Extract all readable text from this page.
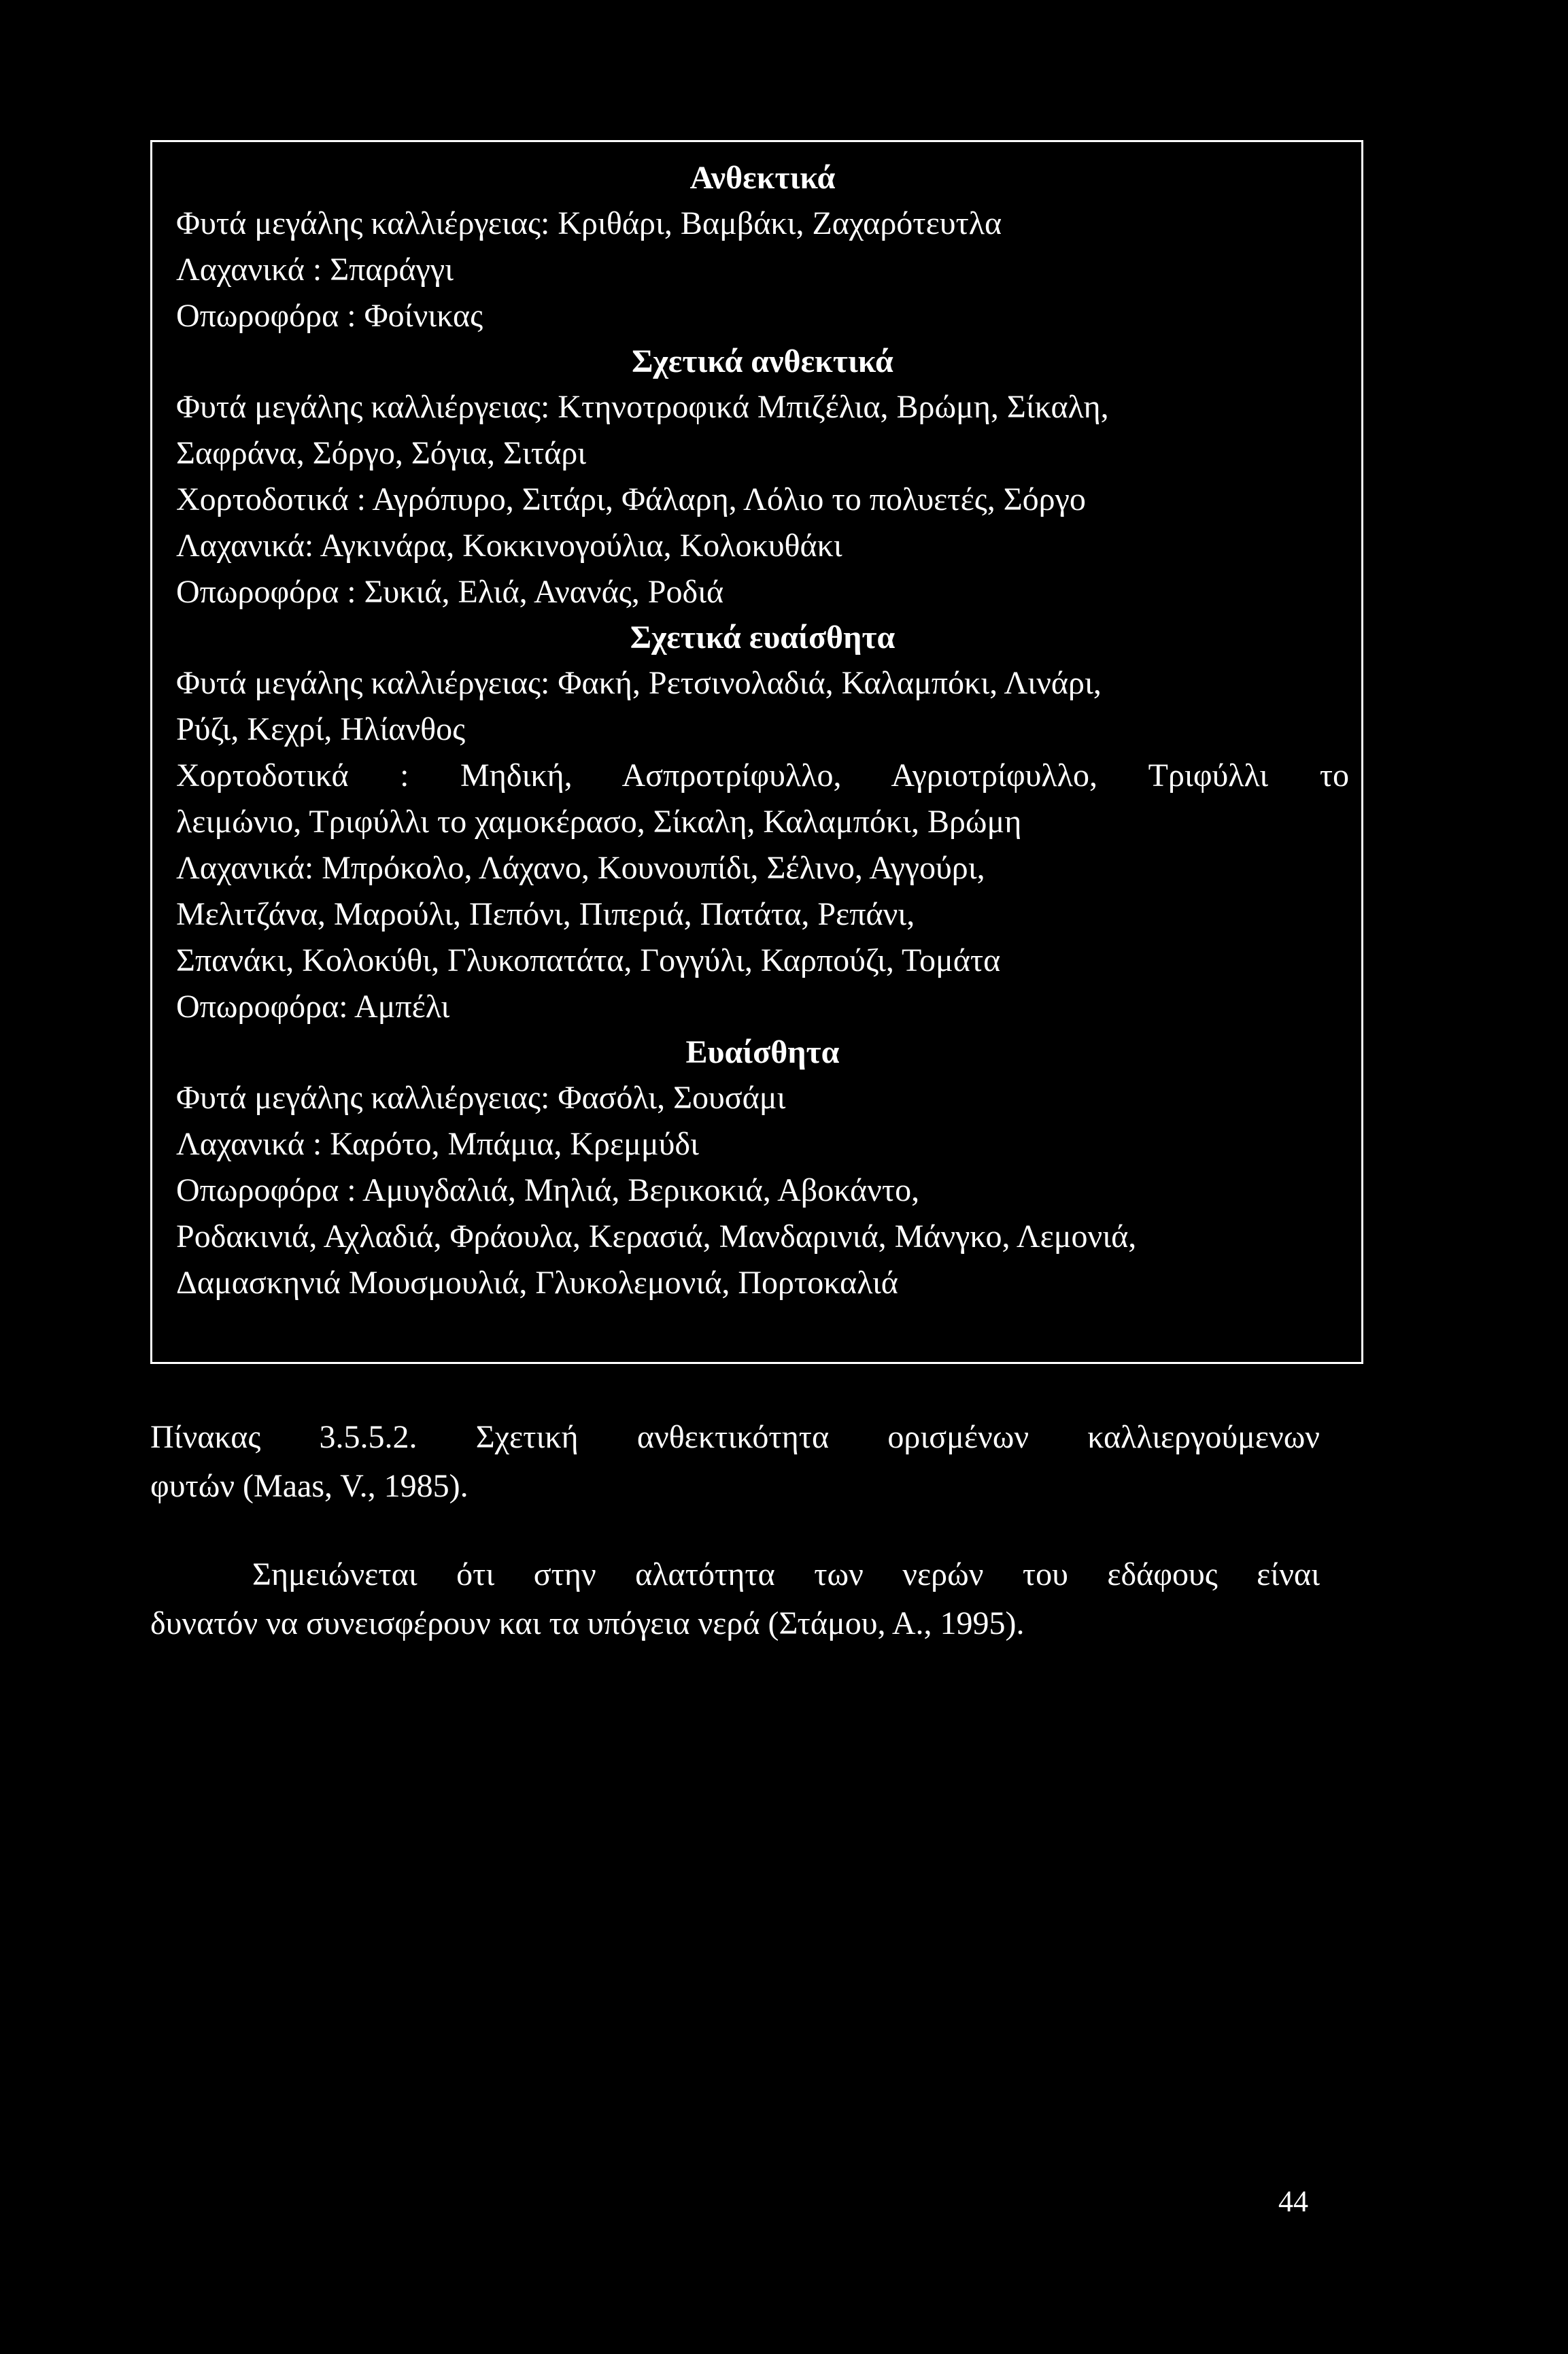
Ανθεκτικά
Φυτά μεγάλης καλλιέργειας: Κριθάρι, Βαμβάκι, Ζαχαρότευτλα
Λαχανικά : Σπαράγγι
Οπωροφόρα : Φοίνικας
Σχετικά ανθεκτικά
Φυτά μεγάλης καλλιέργειας: Κτηνοτροφικά Μπιζέλια, Βρώμη, Σίκαλη,
Σαφράνα, Σόργο, Σόγια, Σιτάρι
Χορτοδοτικά : Αγρόπυρο, Σιτάρι, Φάλαρη, Λόλιο το πολυετές, Σόργο
Λαχανικά: Αγκινάρα, Κοκκινογούλια, Κολοκυθάκι
Οπωροφόρα : Συκιά, Ελιά, Ανανάς, Ροδιά
Σχετικά ευαίσθητα
Φυτά μεγάλης καλλιέργειας: Φακή, Ρετσινολαδιά, Καλαμπόκι, Λινάρι,
Ρύζι, Κεχρί, Ηλίανθος
Χορτοδοτικά : Μηδική, Ασπροτρίφυλλο, Αγριοτρίφυλλο, Τριφύλλι το
λειμώνιο, Τριφύλλι το χαμοκέρασο, Σίκαλη, Καλαμπόκι, Βρώμη
Λαχανικά: Μπρόκολο, Λάχανο, Κουνουπίδι, Σέλινο, Αγγούρι,
Μελιτζάνα, Μαρούλι, Πεπόνι, Πιπεριά, Πατάτα, Ρεπάνι,
Σπανάκι, Κολοκύθι, Γλυκοπατάτα, Γογγύλι, Καρπούζι, Τομάτα
Οπωροφόρα: Αμπέλι
Ευαίσθητα
Φυτά μεγάλης καλλιέργειας: Φασόλι, Σουσάμι
Λαχανικά : Καρότο, Μπάμια, Κρεμμύδι
Οπωροφόρα : Αμυγδαλιά, Μηλιά, Βερικοκιά, Αβοκάντο,
Ροδακινιά, Αχλαδιά, Φράουλα, Κερασιά, Μανδαρινιά, Μάνγκο, Λεμονιά,
Δαμασκηνιά Μουσμουλιά, Γλυκολεμονιά, Πορτοκαλιά
Πίνακας 3.5.5.2. Σχετική ανθεκτικότητα ορισμένων καλλιεργούμενων
φυτών (Maas, V., 1985).
Σημειώνεται ότι στην αλατότητα των νερών του εδάφους είναι
δυνατόν να συνεισφέρουν και τα υπόγεια νερά (Στάμου, Α., 1995).
44
